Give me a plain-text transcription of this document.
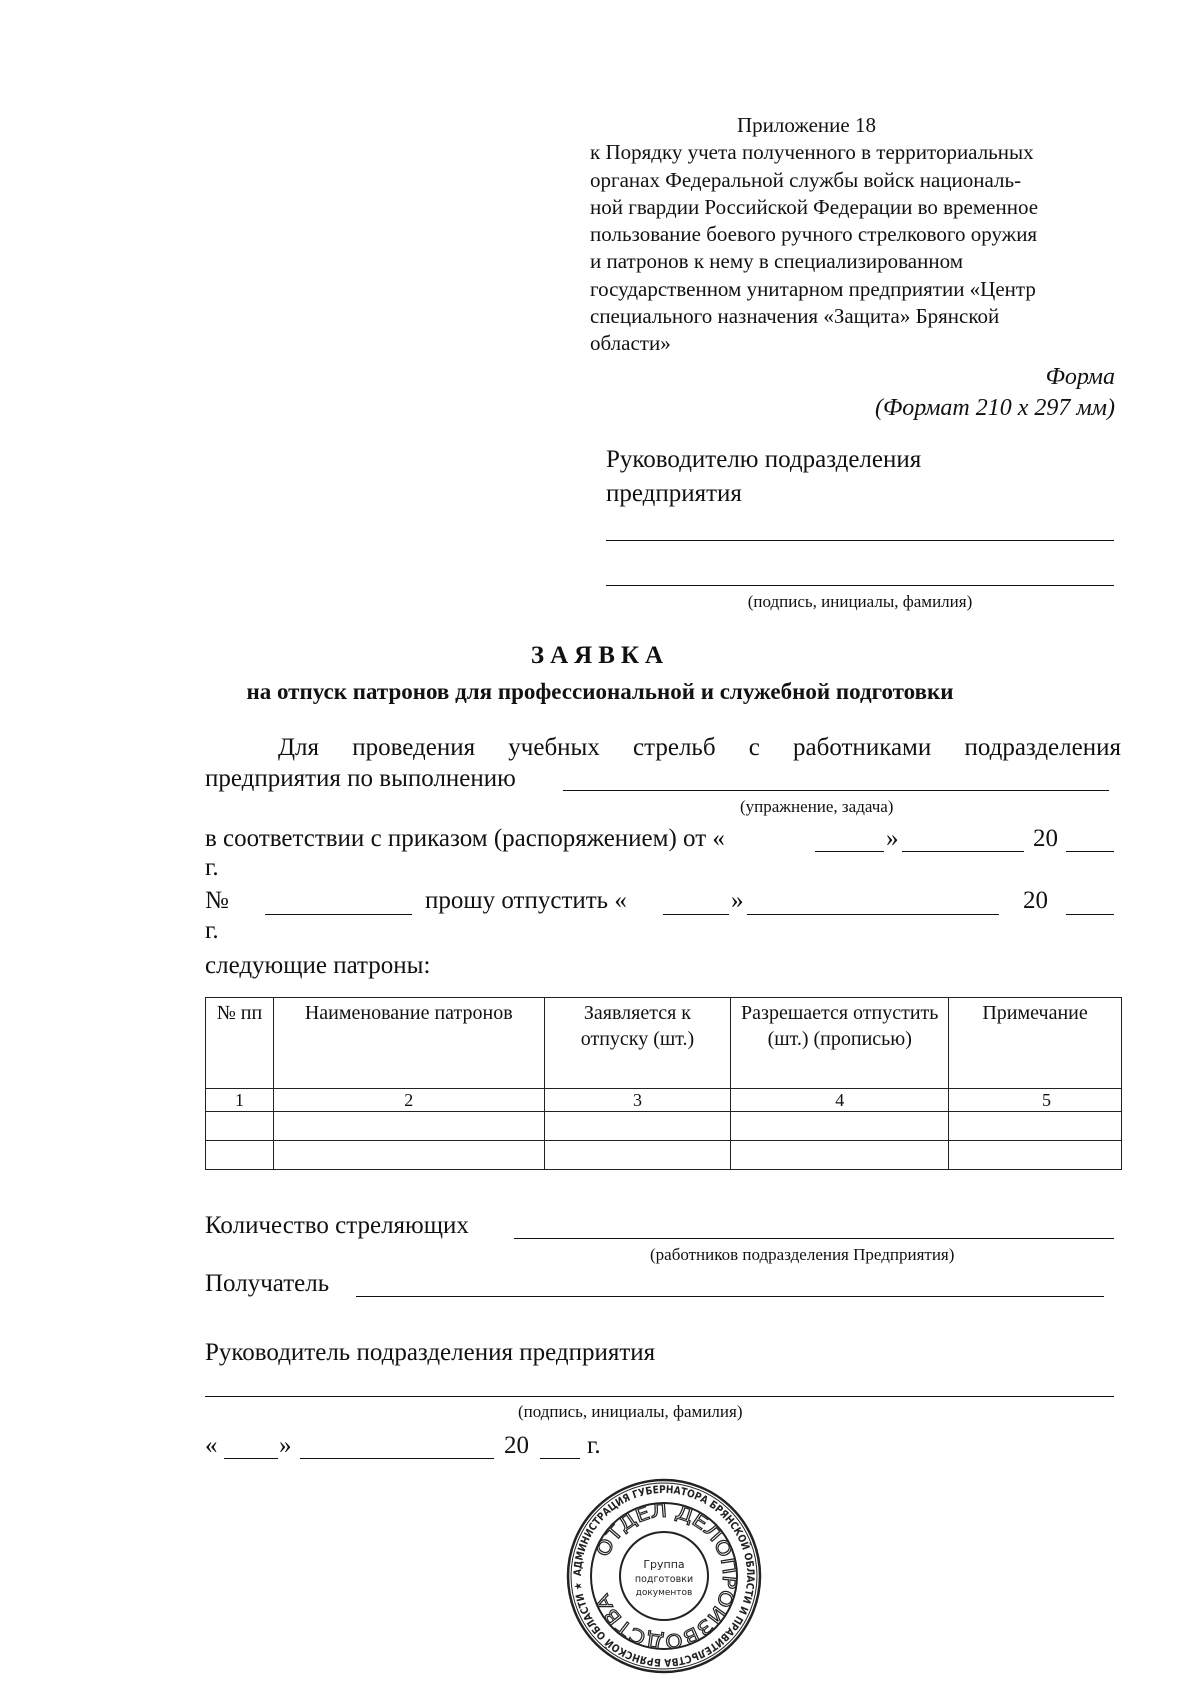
Приложение 18
к Порядку учета полученного в территориальных
органах Федеральной службы войск националь-
ной гвардии Российской Федерации во временное
пользование боевого ручного стрелкового оружия
и патронов к нему в специализированном
государственном унитарном предприятии «Центр
специального назначения «Защита» Брянской
области»
Форма
(Формат 210 х 297 мм)
Руководителю подразделения
предприятия
(подпись, инициалы, фамилия)
ЗАЯВКА
на отпуск патронов для профессиональной и служебной подготовки
Для проведения учебных стрельб с работниками подразделения
предприятия по выполнению
(упражнение, задача)
в соответствии с приказом (распоряжением) от «	»	20
г.
№	прошу отпустить «	»	20
г.
следующие патроны:
№ пп	Наименование патронов	Заявляется к отпуску (шт.)	Разрешается отпустить (шт.) (прописью)	Примечание
1	2	3	4	5

Количество стреляющих
(работников подразделения Предприятия)
Получатель
Руководитель подразделения предприятия
(подпись, инициалы, фамилия)
« »	20 г.
АДМИНИСТРАЦИЯ ГУБЕРНАТОРА БРЯНСКОЙ ОБЛАСТИ И ПРАВИТЕЛЬСТВА БРЯНСКОЙ ОБЛАСТИ ★
ОТДЕЛ ДЕЛОПРОИЗВОДСТВА
Группа
подготовки
документов
